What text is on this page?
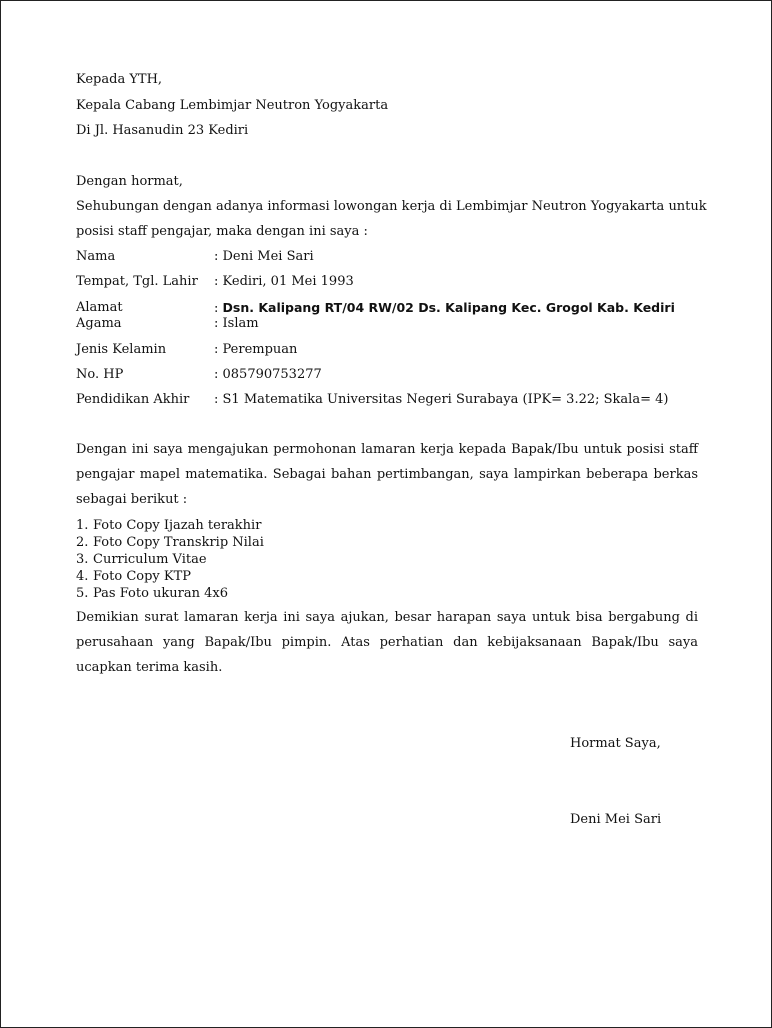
Kepada YTH,
Kepala Cabang Lembimjar Neutron Yogyakarta
Di Jl. Hasanudin 23 Kediri
Dengan hormat,
Sehubungan dengan adanya informasi lowongan kerja di Lembimjar Neutron Yogyakarta untuk
posisi staff pengajar, maka dengan ini saya :
Nama	: Deni Mei Sari
Tempat, Tgl. Lahir : Kediri, 01 Mei 1993
Alamat	: Dsn. Kalipang RT/04 RW/02 Ds. Kalipang Kec. Grogol Kab. Kediri
Agama	: Islam
Jenis Kelamin	: Perempuan
No. HP	: 085790753277
Pendidikan Akhir : S1 Matematika Universitas Negeri Surabaya (IPK= 3.22; Skala= 4)
Dengan ini saya mengajukan permohonan lamaran kerja kepada Bapak/Ibu untuk posisi staff pengajar mapel matematika. Sebagai bahan pertimbangan, saya lampirkan beberapa berkas sebagai berikut :
1. Foto Copy Ijazah terakhir
2. Foto Copy Transkrip Nilai
3. Curriculum Vitae
4. Foto Copy KTP
5. Pas Foto ukuran 4x6
Demikian surat lamaran kerja ini saya ajukan, besar harapan saya untuk bisa bergabung di perusahaan yang Bapak/Ibu pimpin. Atas perhatian dan kebijaksanaan Bapak/Ibu saya ucapkan terima kasih.
Hormat Saya,
Deni Mei Sari
